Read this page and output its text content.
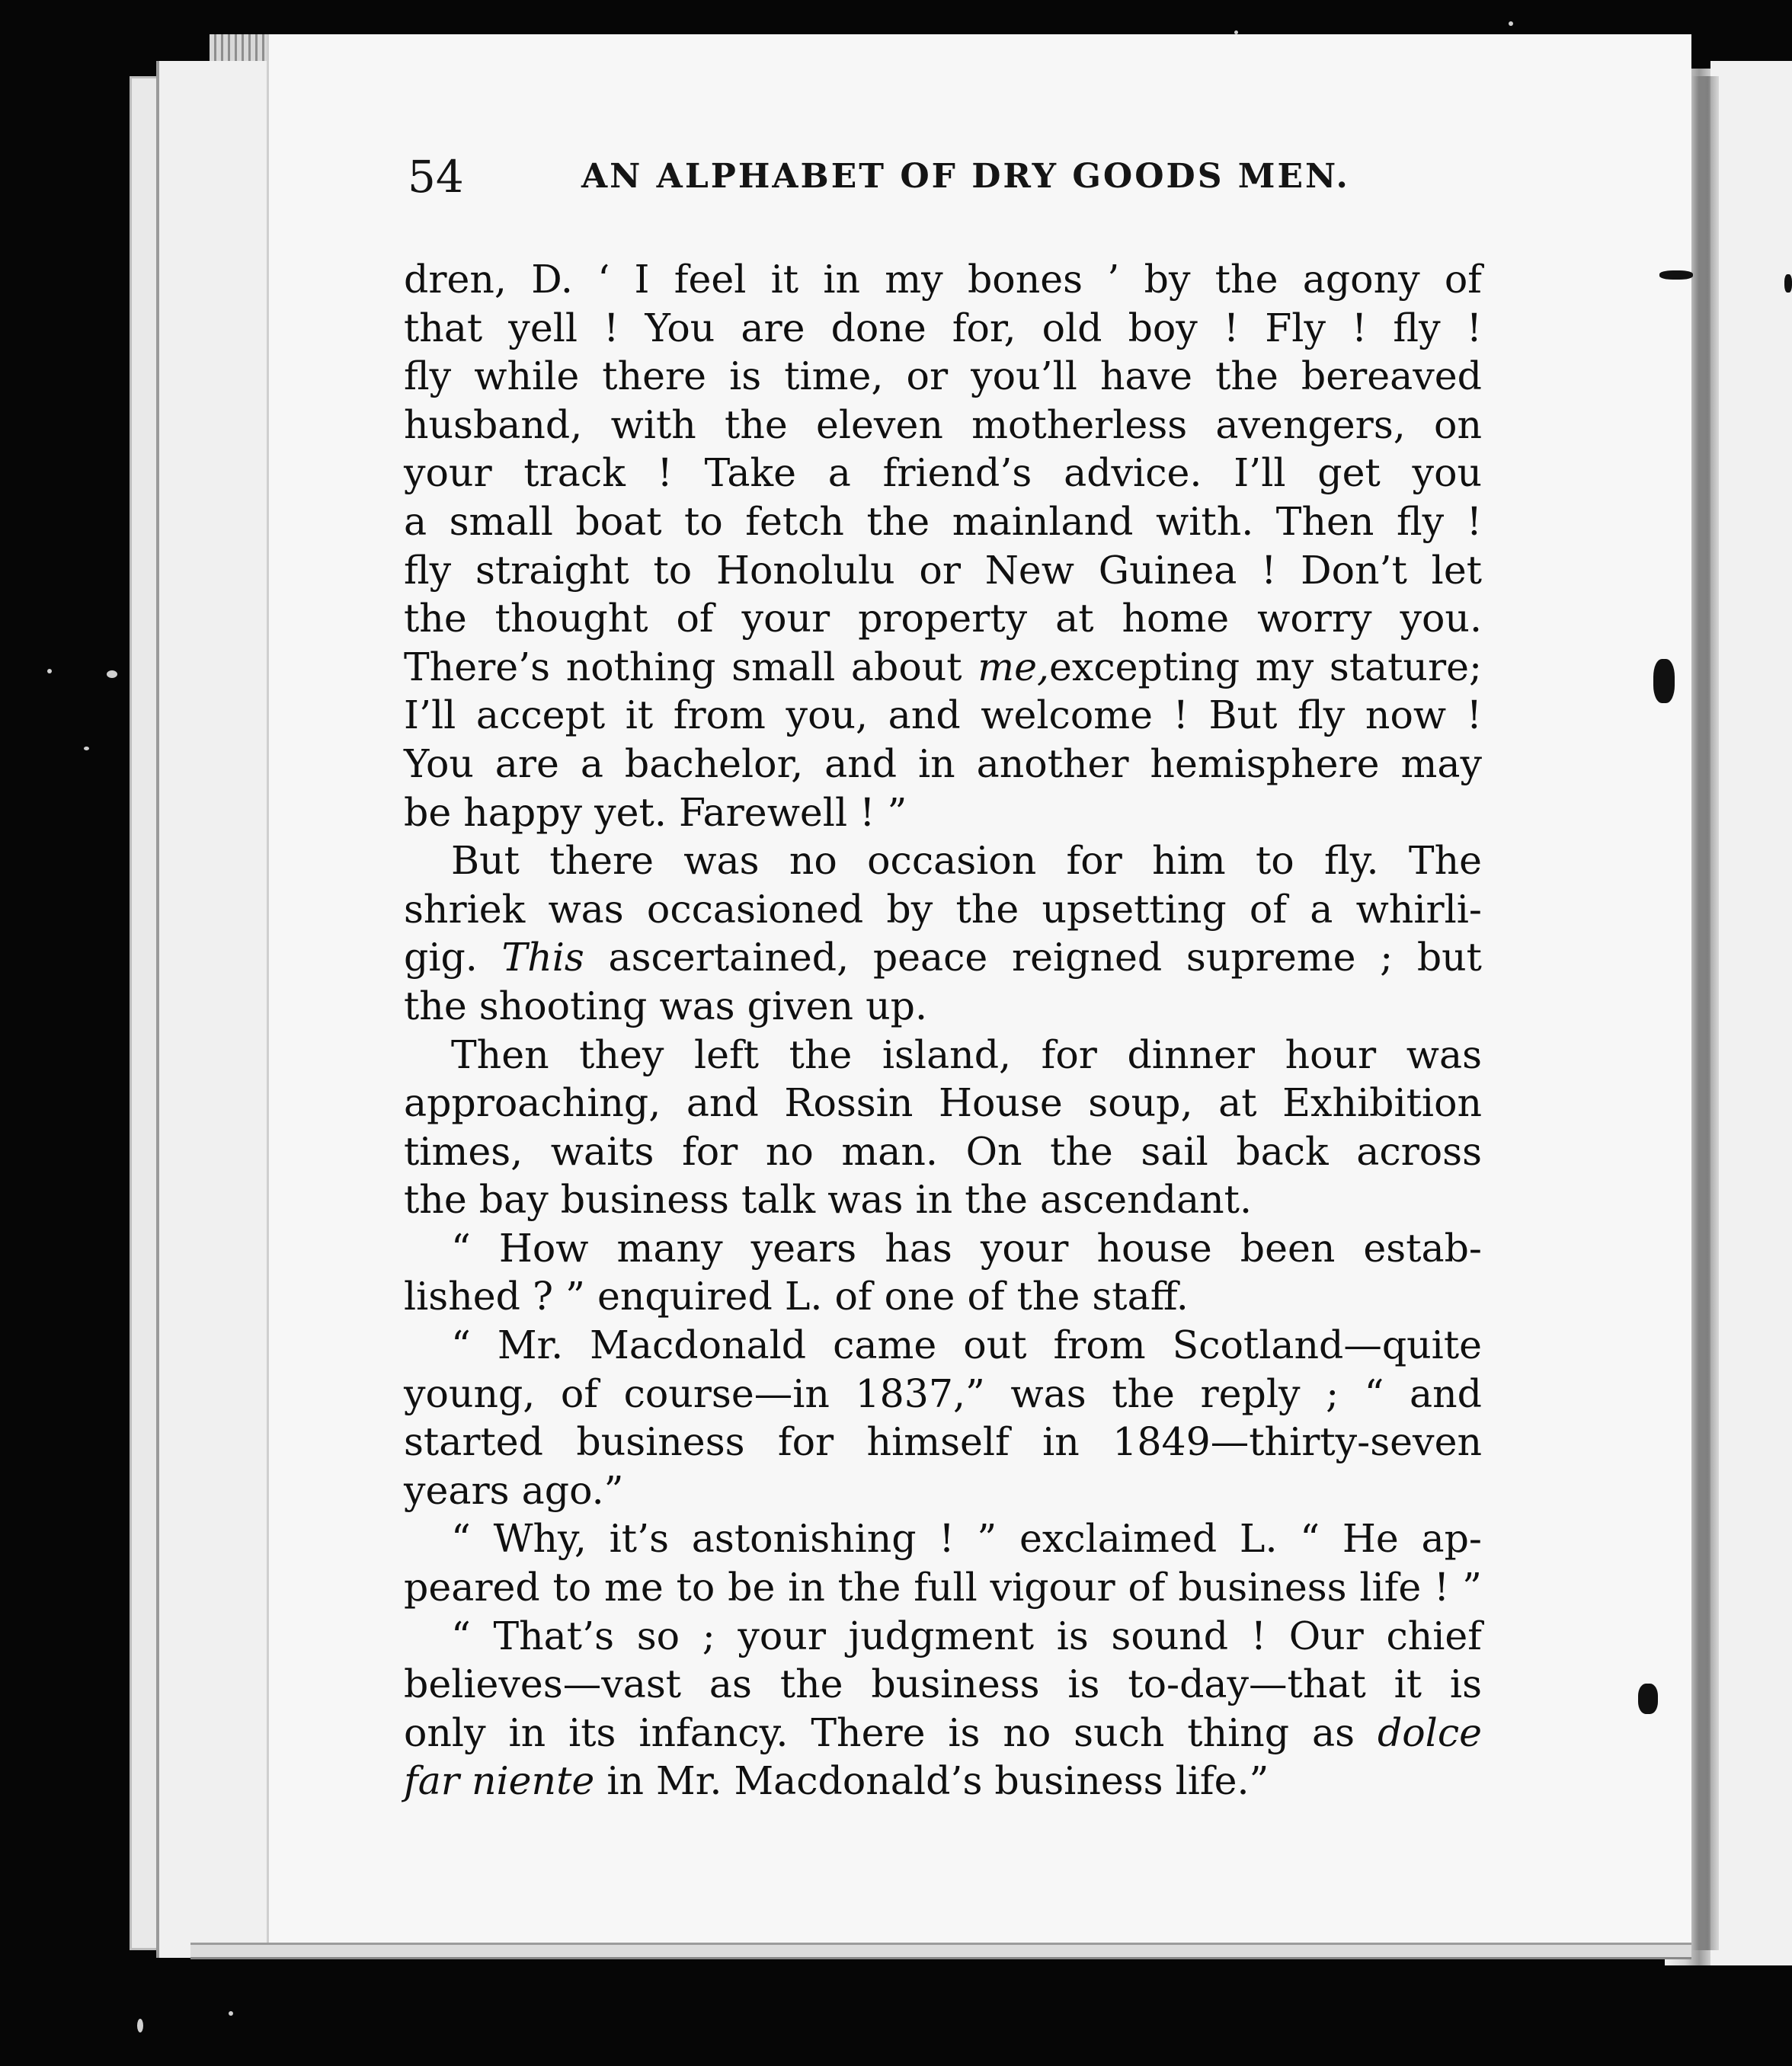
54	AN ALPHABET OF DRY GOODS MEN.
dren, D. ‘ I feel it in my bones ’ by the agony of
that yell ! You are done for, old boy ! Fly ! fly !
fly while there is time, or you’ll have the bereaved
husband, with the eleven motherless avengers, on
your track ! Take a friend’s advice. I’ll get you
a small boat to fetch the mainland with. Then fly !
fly straight to Honolulu or New Guinea ! Don’t let
the thought of your property at home worry you.
There’s nothing small about me,excepting my stature;
I’ll accept it from you, and welcome ! But fly now !
You are a bachelor, and in another hemisphere may
be happy yet. Farewell ! ”
But there was no occasion for him to fly. The
shriek was occasioned by the upsetting of a whirli-
gig. This ascertained, peace reigned supreme ; but
the shooting was given up.
Then they left the island, for dinner hour was
approaching, and Rossin House soup, at Exhibition
times, waits for no man. On the sail back across
the bay business talk was in the ascendant.
“ How many years has your house been estab-
lished ? ” enquired L. of one of the staff.
“ Mr. Macdonald came out from Scotland—quite
young, of course—in 1837,” was the reply ; “ and
started business for himself in 1849—thirty-seven
years ago.”
“ Why, it’s astonishing ! ” exclaimed L. “ He ap-
peared to me to be in the full vigour of business life ! ”
“ That’s so ; your judgment is sound ! Our chief
believes—vast as the business is to-day—that it is
only in its infancy. There is no such thing as dolce
far niente in Mr. Macdonald’s business life.”
